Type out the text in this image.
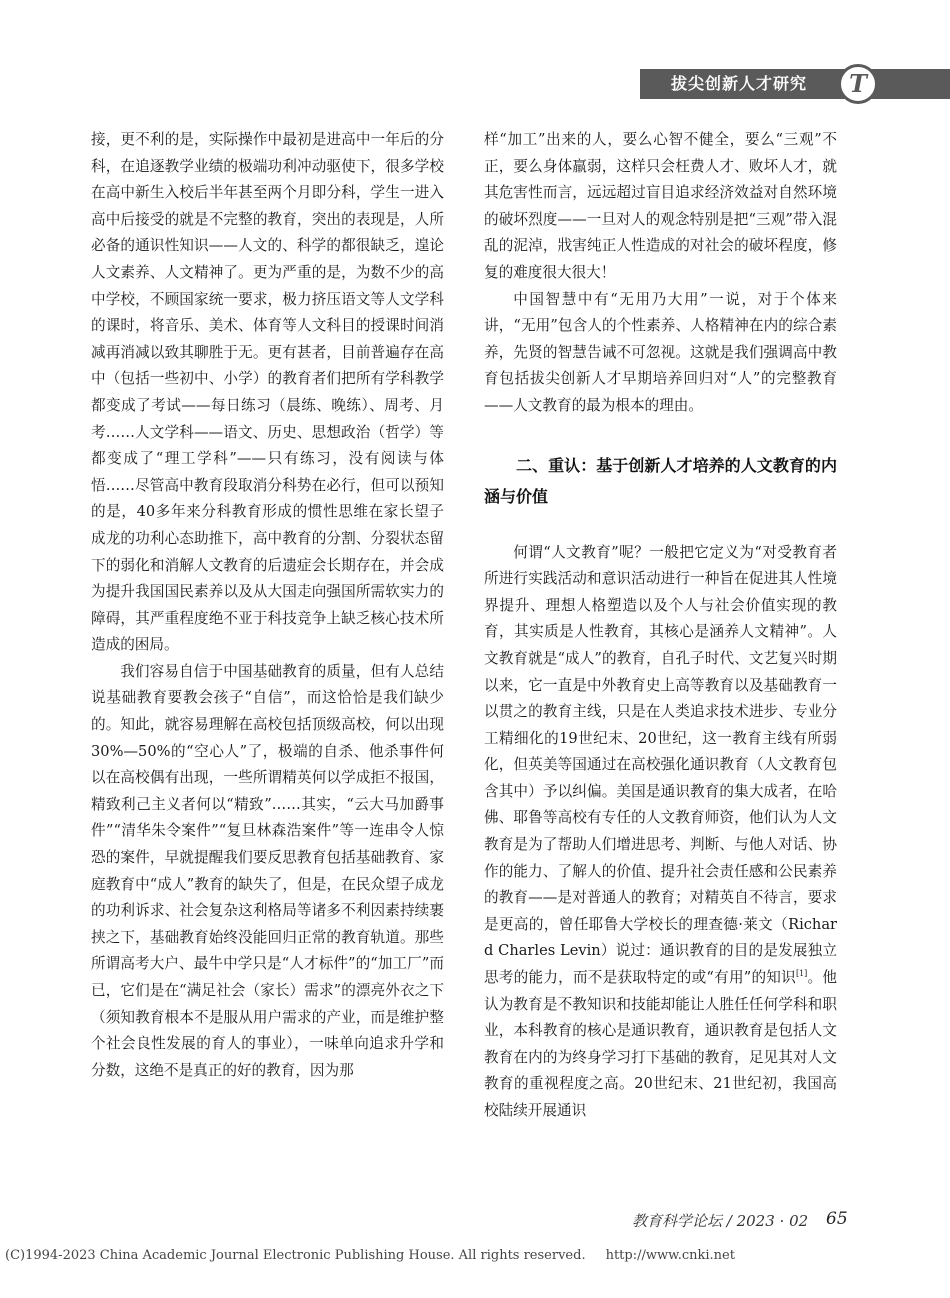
拔尖创新人才研究	T

接，更不利的是，实际操作中最初是进高中一年后的分科，在追逐教学业绩的极端功利冲动驱使下，很多学校在高中新生入校后半年甚至两个月即分科，学生一进入高中后接受的就是不完整的教育，突出的表现是，人所必备的通识性知识——人文的、科学的都很缺乏，遑论人文素养、人文精神了。更为严重的是，为数不少的高中学校，不顾国家统一要求，极力挤压语文等人文学科的课时，将音乐、美术、体育等人文科目的授课时间消减再消减以致其聊胜于无。更有甚者，目前普遍存在高中（包括一些初中、小学）的教育者们把所有学科教学都变成了考试——每日练习（晨练、晚练）、周考、月考……人文学科——语文、历史、思想政治（哲学）等都变成了“理工学科”——只有练习，没有阅读与体悟……尽管高中教育段取消分科势在必行，但可以预知的是，40多年来分科教育形成的惯性思维在家长望子成龙的功利心态助推下，高中教育的分割、分裂状态留下的弱化和消解人文教育的后遗症会长期存在，并会成为提升我国国民素养以及从大国走向强国所需软实力的障碍，其严重程度绝不亚于科技竞争上缺乏核心技术所造成的困局。

我们容易自信于中国基础教育的质量，但有人总结说基础教育要教会孩子“自信”，而这恰恰是我们缺少的。知此，就容易理解在高校包括顶级高校，何以出现30%—50%的“空心人”了，极端的自杀、他杀事件何以在高校偶有出现，一些所谓精英何以学成拒不报国，精致利己主义者何以“精致”……其实，“云大马加爵事件”“清华朱令案件”“复旦林森浩案件”等一连串令人惊恐的案件，早就提醒我们要反思教育包括基础教育、家庭教育中“成人”教育的缺失了，但是，在民众望子成龙的功利诉求、社会复杂这利格局等诸多不利因素持续裹挟之下，基础教育始终没能回归正常的教育轨道。那些所谓高考大户、最牛中学只是“人才标件”的“加工厂”而已，它们是在“满足社会（家长）需求”的漂亮外衣之下（须知教育根本不是服从用户需求的产业，而是维护整个社会良性发展的育人的事业），一味单向追求升学和分数，这绝不是真正的好的教育，因为那

样“加工”出来的人，要么心智不健全，要么“三观”不正，要么身体羸弱，这样只会枉费人才、败坏人才，就其危害性而言，远远超过盲目追求经济效益对自然环境的破坏烈度——一旦对人的观念特别是把“三观”带入混乱的泥淖，戕害纯正人性造成的对社会的破坏程度，修复的难度很大很大！

中国智慧中有“无用乃大用”一说，对于个体来讲，“无用”包含人的个性素养、人格精神在内的综合素养，先贤的智慧告诫不可忽视。这就是我们强调高中教育包括拔尖创新人才早期培养回归对“人”的完整教育——人文教育的最为根本的理由。

二、重认：基于创新人才培养的人文教育的内涵与价值

何谓“人文教育”呢？一般把它定义为“对受教育者所进行实践活动和意识活动进行一种旨在促进其人性境界提升、理想人格塑造以及个人与社会价值实现的教育，其实质是人性教育，其核心是涵养人文精神”。人文教育就是“成人”的教育，自孔子时代、文艺复兴时期以来，它一直是中外教育史上高等教育以及基础教育一以贯之的教育主线，只是在人类追求技术进步、专业分工精细化的19世纪末、20世纪，这一教育主线有所弱化，但英美等国通过在高校强化通识教育（人文教育包含其中）予以纠偏。美国是通识教育的集大成者，在哈佛、耶鲁等高校有专任的人文教育师资，他们认为人文教育是为了帮助人们增进思考、判断、与他人对话、协作的能力、了解人的价值、提升社会责任感和公民素养的教育——是对普通人的教育；对精英自不待言，要求是更高的，曾任耶鲁大学校长的理查德·莱文（Richard Charles Levin）说过：通识教育的目的是发展独立思考的能力，而不是获取特定的或“有用”的知识[1]。他认为教育是不教知识和技能却能让人胜任任何学科和职业，本科教育的核心是通识教育，通识教育是包括人文教育在内的为终身学习打下基础的教育，足见其对人文教育的重视程度之高。20世纪末、21世纪初，我国高校陆续开展通识

教育科学论坛 / 2023 · 02 65
(C)1994-2023 China Academic Journal Electronic Publishing House. All rights reserved. http://www.cnki.net
